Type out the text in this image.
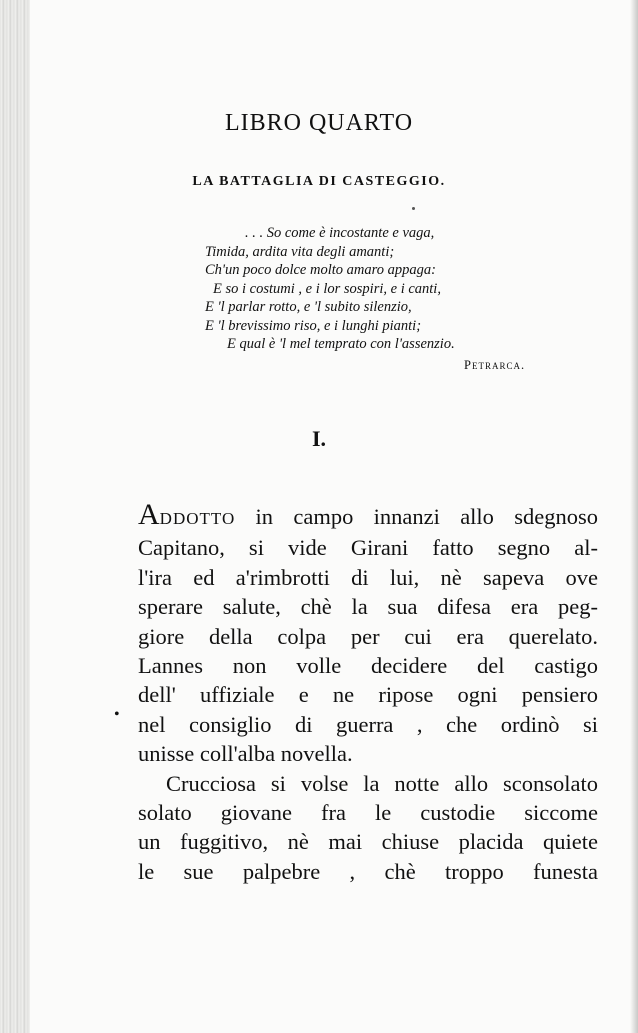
LIBRO QUARTO
LA BATTAGLIA DI CASTEGGIO.
. . . So come è incostante e vaga,
Timida, ardita vita degli amanti;
Ch'un poco dolce molto amaro appaga:
E so i costumi , e i lor sospiri, e i canti,
E 'l parlar rotto, e 'l subito silenzio,
E 'l brevissimo riso, e i lunghi pianti;
E qual è 'l mel temprato con l'assenzio.
Petrarca.
I.
•
ADDOTTO in campo innanzi allo sdegnoso
Capitano, si vide Girani fatto segno al-
l'ira ed a'rimbrotti di lui, nè sapeva ove
sperare salute, chè la sua difesa era peg-
giore della colpa per cui era querelato.
Lannes non volle decidere del castigo
dell' uffiziale e ne ripose ogni pensiero
nel consiglio di guerra , che ordinò si
unisse coll'alba novella.
Crucciosa si volse la notte allo sconsolato
solato giovane fra le custodie siccome
un fuggitivo, nè mai chiuse placida quiete
le sue palpebre , chè troppo funesta
